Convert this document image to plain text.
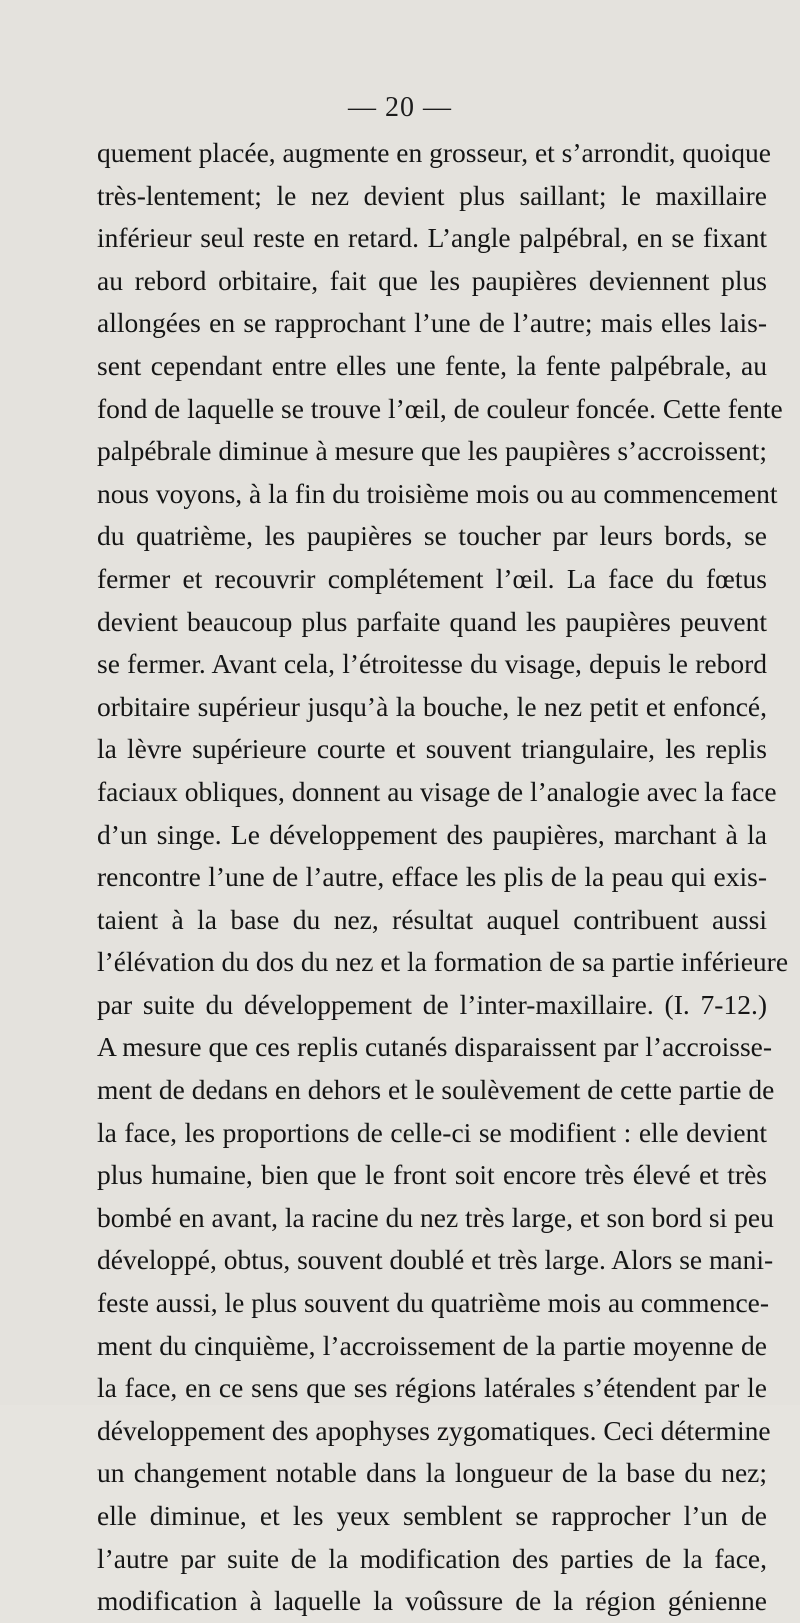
— 20 —
quement placée, augmente en grosseur, et s’arrondit, quoique
très-lentement; le nez devient plus saillant; le maxillaire
inférieur seul reste en retard. L’angle palpébral, en se fixant
au rebord orbitaire, fait que les paupières deviennent plus
allongées en se rapprochant l’une de l’autre; mais elles lais-
sent cependant entre elles une fente, la fente palpébrale, au
fond de laquelle se trouve l’œil, de couleur foncée. Cette fente
palpébrale diminue à mesure que les paupières s’accroissent;
nous voyons, à la fin du troisième mois ou au commencement
du quatrième, les paupières se toucher par leurs bords, se
fermer et recouvrir complétement l’œil. La face du fœtus
devient beaucoup plus parfaite quand les paupières peuvent
se fermer. Avant cela, l’étroitesse du visage, depuis le rebord
orbitaire supérieur jusqu’à la bouche, le nez petit et enfoncé,
la lèvre supérieure courte et souvent triangulaire, les replis
faciaux obliques, donnent au visage de l’analogie avec la face
d’un singe. Le développement des paupières, marchant à la
rencontre l’une de l’autre, efface les plis de la peau qui exis-
taient à la base du nez, résultat auquel contribuent aussi
l’élévation du dos du nez et la formation de sa partie inférieure
par suite du développement de l’inter-maxillaire. (I. 7-12.)
A mesure que ces replis cutanés disparaissent par l’accroisse-
ment de dedans en dehors et le soulèvement de cette partie de
la face, les proportions de celle-ci se modifient : elle devient
plus humaine, bien que le front soit encore très élevé et très
bombé en avant, la racine du nez très large, et son bord si peu
développé, obtus, souvent doublé et très large. Alors se mani-
feste aussi, le plus souvent du quatrième mois au commence-
ment du cinquième, l’accroissement de la partie moyenne de
la face, en ce sens que ses régions latérales s’étendent par le
développement des apophyses zygomatiques. Ceci détermine
un changement notable dans la longueur de la base du nez;
elle diminue, et les yeux semblent se rapprocher l’un de
l’autre par suite de la modification des parties de la face,
modification à laquelle la voûssure de la région génienne
